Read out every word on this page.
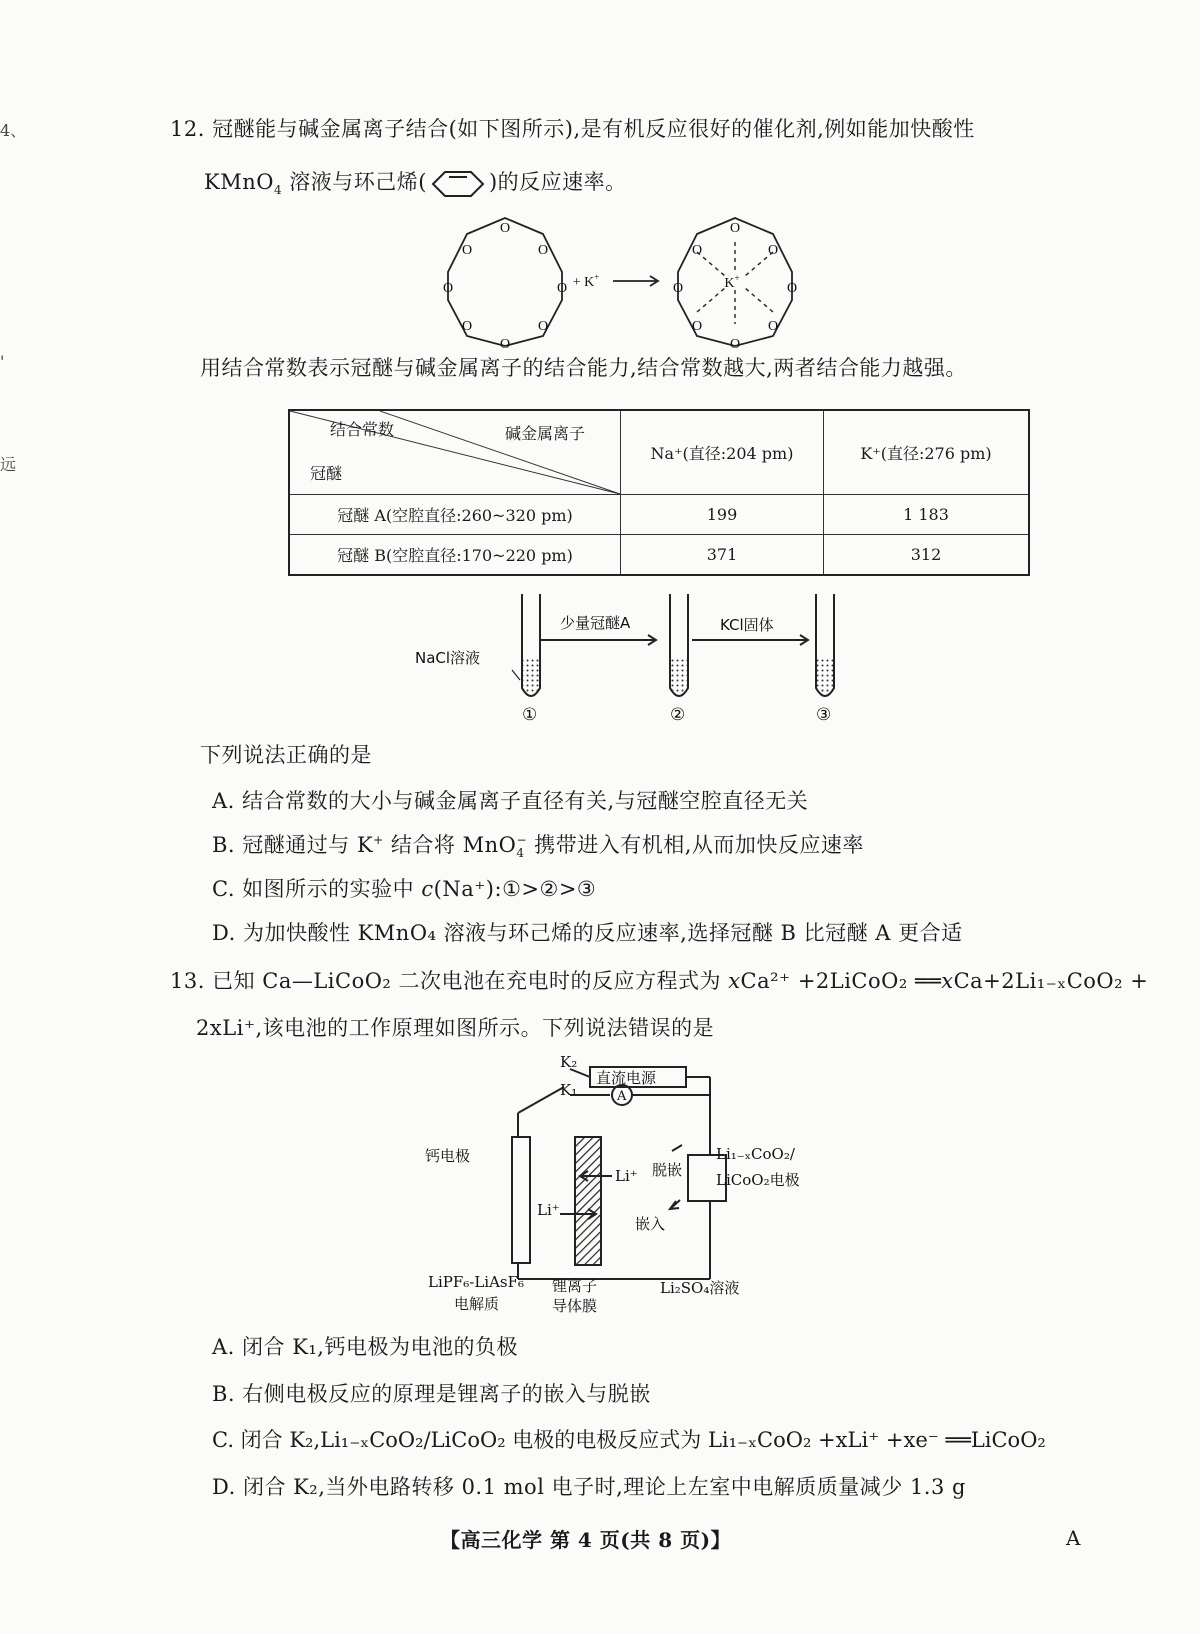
4、
'
远
12. 冠醚能与碱金属离子结合(如下图所示),是有机反应很好的催化剂,例如能加快酸性
KMnO$_4$ 溶液与环己烯(	)的反应速率。
O
O
O
O
O
O
O
O
O
O
O
O
O
O
O
O
+ K+	K+
用结合常数表示冠醚与碱金属离子的结合能力,结合常数越大,两者结合能力越强。
结合常数 碱金属离子
冠醚	Na⁺(直径:204 pm)	K⁺(直径:276 pm)
冠醚 A(空腔直径:260~320 pm)	199	1 183
冠醚 B(空腔直径:170~220 pm)	371	312
NaCl溶液
少量冠醚A	KCl固体
①	②	③
下列说法正确的是
A. 结合常数的大小与碱金属离子直径有关,与冠醚空腔直径无关
B. 冠醚通过与 K+ 结合将 MnO$_4$− 携带进入有机相,从而加快反应速率
C. 如图所示的实验中 c(Na⁺):①>②>③
D. 为加快酸性 KMnO₄ 溶液与环己烯的反应速率,选择冠醚 B 比冠醚 A 更合适
13. 已知 Ca—LiCoO₂ 二次电池在充电时的反应方程式为 xCa²⁺ +2LiCoO₂ ══xCa+2Li₁₋ₓCoO₂ +
2xLi⁺,该电池的工作原理如图所示。下列说法错误的是
K₂
K₁
直流电源
A
钙电极
Li⁺ 脱嵌
Li₁₋ₓCoO₂/
LiCoO₂电极
Li⁺
嵌入
LiPF₆-LiAsF₆
电解质
锂离子
导体膜
Li₂SO₄溶液
A. 闭合 K₁,钙电极为电池的负极
B. 右侧电极反应的原理是锂离子的嵌入与脱嵌
C. 闭合 K₂,Li₁₋ₓCoO₂/LiCoO₂ 电极的电极反应式为 Li₁₋ₓCoO₂ +xLi⁺ +xe⁻ ══LiCoO₂
D. 闭合 K₂,当外电路转移 0.1 mol 电子时,理论上左室中电解质质量减少 1.3 g
【高三化学 第 4 页(共 8 页)】	A
